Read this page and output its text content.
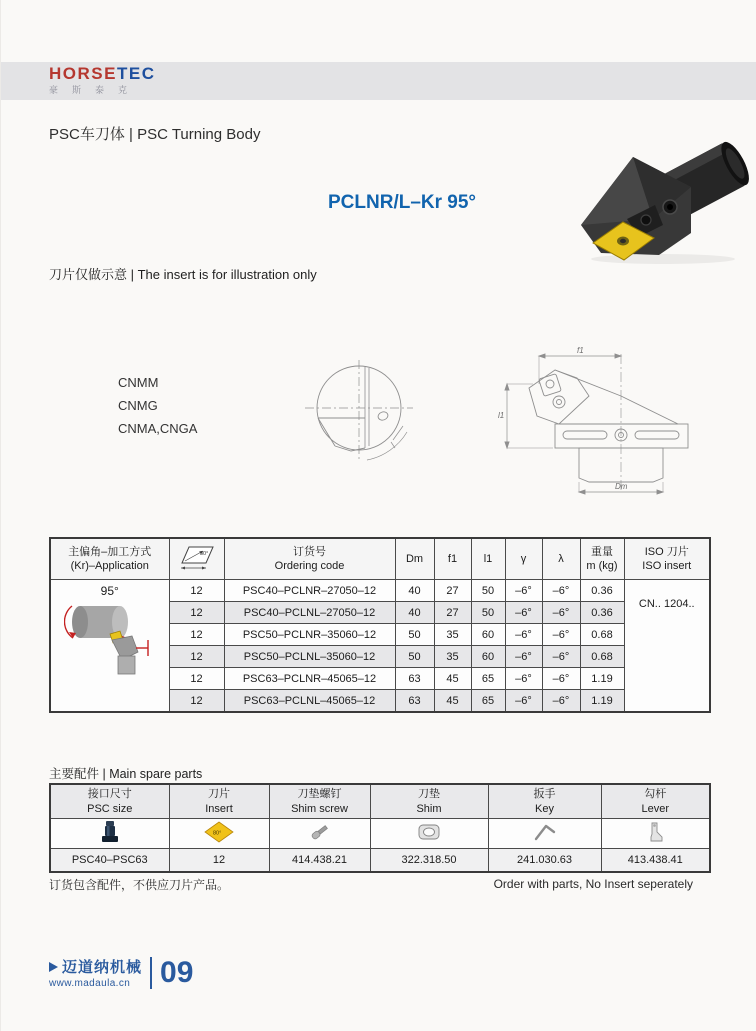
HORSETEC
豪斯泰克
PSC车刀体 | PSC Turning Body
PCLNR/L–Kr 95°
刀片仅做示意 | The insert is for illustration only
CNMM
CNMG
CNMA,CNGA
f1
l1
Dm
主偏角–加工方式
(Kr)–Application	80°	订货号
Ordering code	Dm	f1	l1	γ	λ	重量
m (kg)	ISO 刀片
ISO insert

95°	12	PSC40–PCLNR–27050–12	40	27	50	–6°	–6°	0.36	CN.. 1204..
	12	PSC40–PCLNL–27050–12	40	27	50	–6°	–6°	0.36	
	12	PSC50–PCLNR–35060–12	50	35	60	–6°	–6°	0.68	
	12	PSC50–PCLNL–35060–12	50	35	60	–6°	–6°	0.68	
	12	PSC63–PCLNR–45065–12	63	45	65	–6°	–6°	1.19	
	12	PSC63–PCLNL–45065–12	63	45	65	–6°	–6°	1.19	
主要配件 | Main spare parts
接口尺寸
PSC size	刀片
Insert	刀垫螺钉
Shim screw	刀垫
Shim	扳手
Key	勾杆
Lever

80°

PSC40–PSC63	12	414.438.21	322.318.50	241.030.63	413.438.41
订货包含配件，不供应刀片产品。	Order with parts, No Insert seperately
迈道纳机械
www.madaula.cn 09
